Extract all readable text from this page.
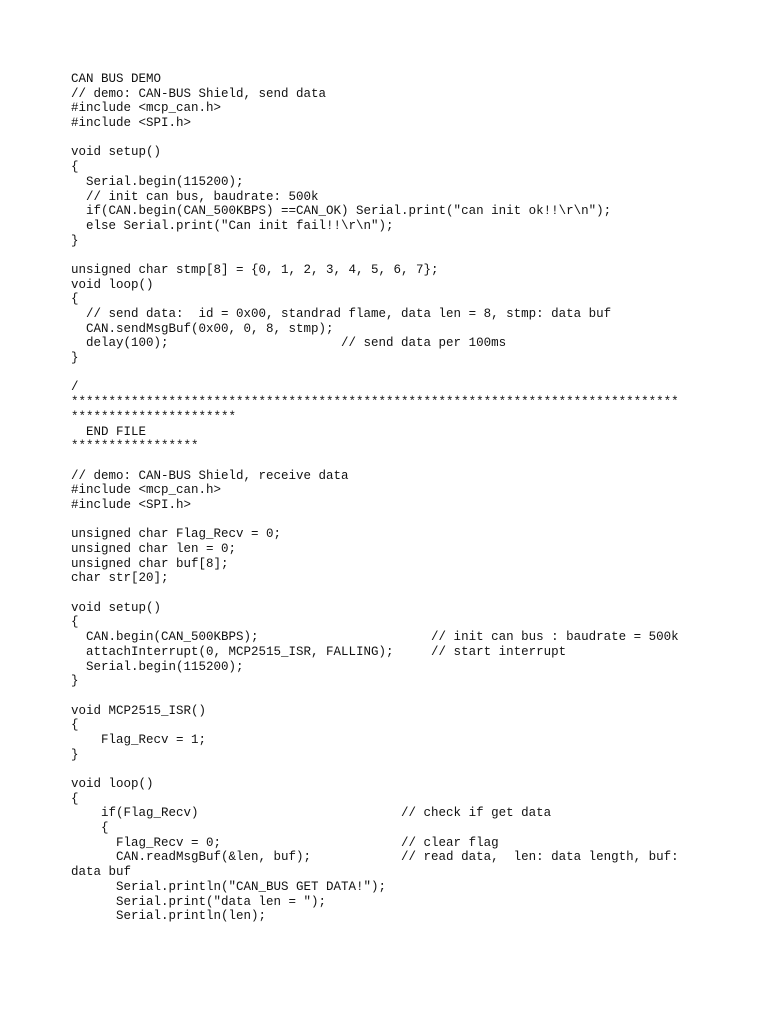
CAN BUS DEMO
// demo: CAN-BUS Shield, send data
#include <mcp_can.h>
#include <SPI.h>

void setup()
{
Serial.begin(115200);
// init can bus, baudrate: 500k
if(CAN.begin(CAN_500KBPS) ==CAN_OK) Serial.print("can init ok!!\r\n");
else Serial.print("Can init fail!!\r\n");
}

unsigned char stmp[8] = {0, 1, 2, 3, 4, 5, 6, 7};
void loop()
{
// send data:  id = 0x00, standrad flame, data len = 8, stmp: data buf
CAN.sendMsgBuf(0x00, 0, 8, stmp);
delay(100);                       // send data per 100ms
}

/
*********************************************************************************
**********************
END FILE
*****************

// demo: CAN-BUS Shield, receive data
#include <mcp_can.h>
#include <SPI.h>

unsigned char Flag_Recv = 0;
unsigned char len = 0;
unsigned char buf[8];
char str[20];

void setup()
{
CAN.begin(CAN_500KBPS);                       // init can bus : baudrate = 500k
attachInterrupt(0, MCP2515_ISR, FALLING);     // start interrupt
Serial.begin(115200);
}

void MCP2515_ISR()
{
Flag_Recv = 1;
}

void loop()
{
if(Flag_Recv)                           // check if get data
{
Flag_Recv = 0;                        // clear flag
CAN.readMsgBuf(&len, buf);            // read data,  len: data length, buf:
data buf
Serial.println("CAN_BUS GET DATA!");
Serial.print("data len = ");
Serial.println(len);
